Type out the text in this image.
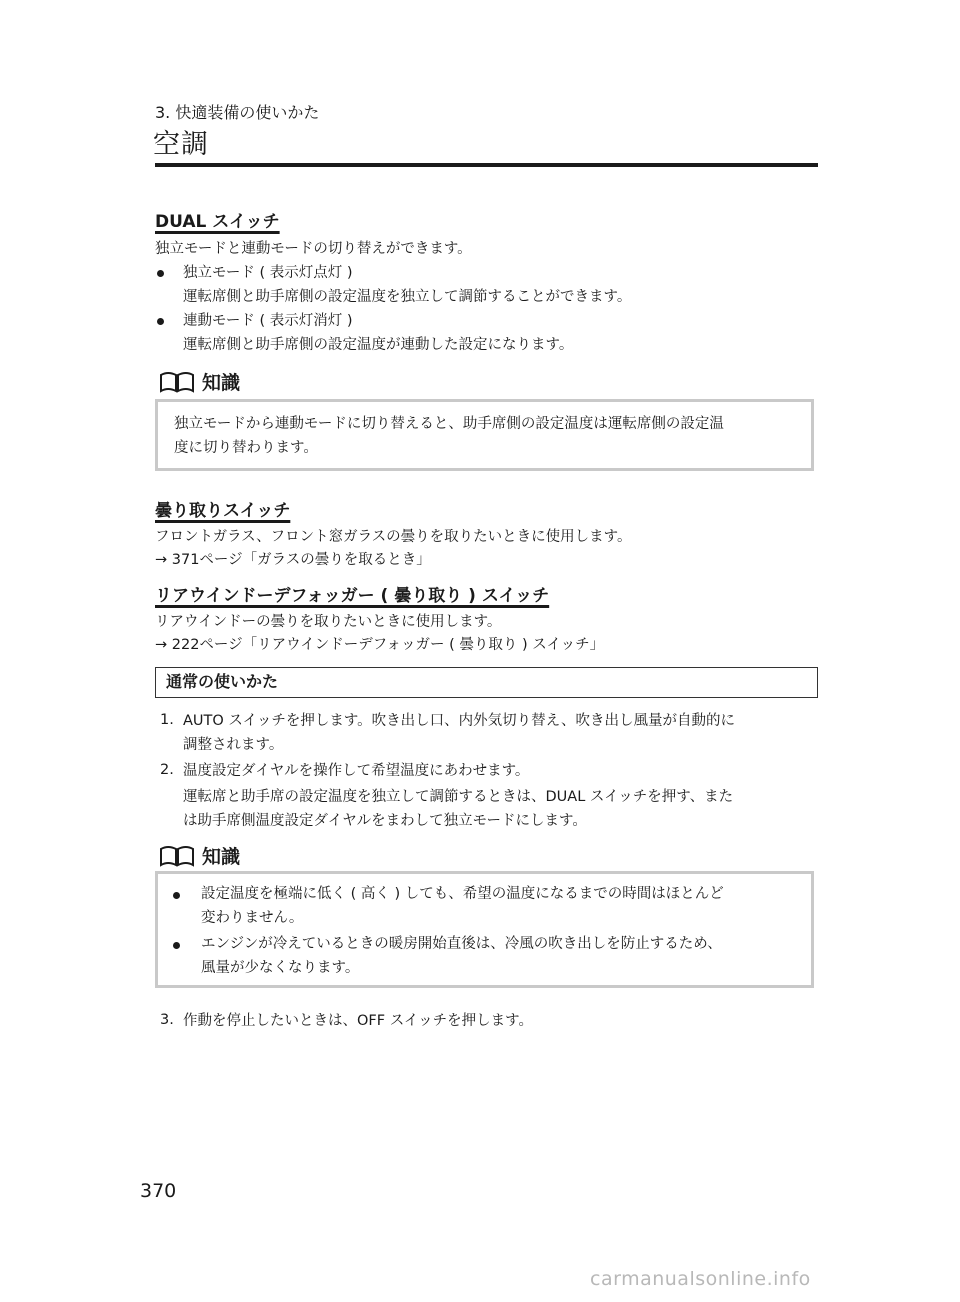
3. 快適装備の使いかた
空調
DUAL スイッチ
独立モードと連動モードの切り替えができます。
独立モード ( 表示灯点灯 )
運転席側と助手席側の設定温度を独立して調節することができます。
連動モード ( 表示灯消灯 )
運転席側と助手席側の設定温度が連動した設定になります。
知識
独立モードから連動モードに切り替えると、助手席側の設定温度は運転席側の設定温
度に切り替わります。
曇り取りスイッチ
フロントガラス、フロント窓ガラスの曇りを取りたいときに使用します。
→ 371ページ「ガラスの曇りを取るとき」
リアウインドーデフォッガー ( 曇り取り ) スイッチ
リアウインドーの曇りを取りたいときに使用します。
→ 222ページ「リアウインドーデフォッガー ( 曇り取り ) スイッチ」
通常の使いかた
1. AUTO スイッチを押します。吹き出し口、内外気切り替え、吹き出し風量が自動的に
調整されます。
2. 温度設定ダイヤルを操作して希望温度にあわせます。
運転席と助手席の設定温度を独立して調節するときは、DUAL スイッチを押す、また
は助手席側温度設定ダイヤルをまわして独立モードにします。
知識
設定温度を極端に低く ( 高く ) しても、希望の温度になるまでの時間はほとんど
変わりません。
エンジンが冷えているときの暖房開始直後は、冷風の吹き出しを防止するため、
風量が少なくなります。
3. 作動を停止したいときは、OFF スイッチを押します。
370
carmanualsonline.info
